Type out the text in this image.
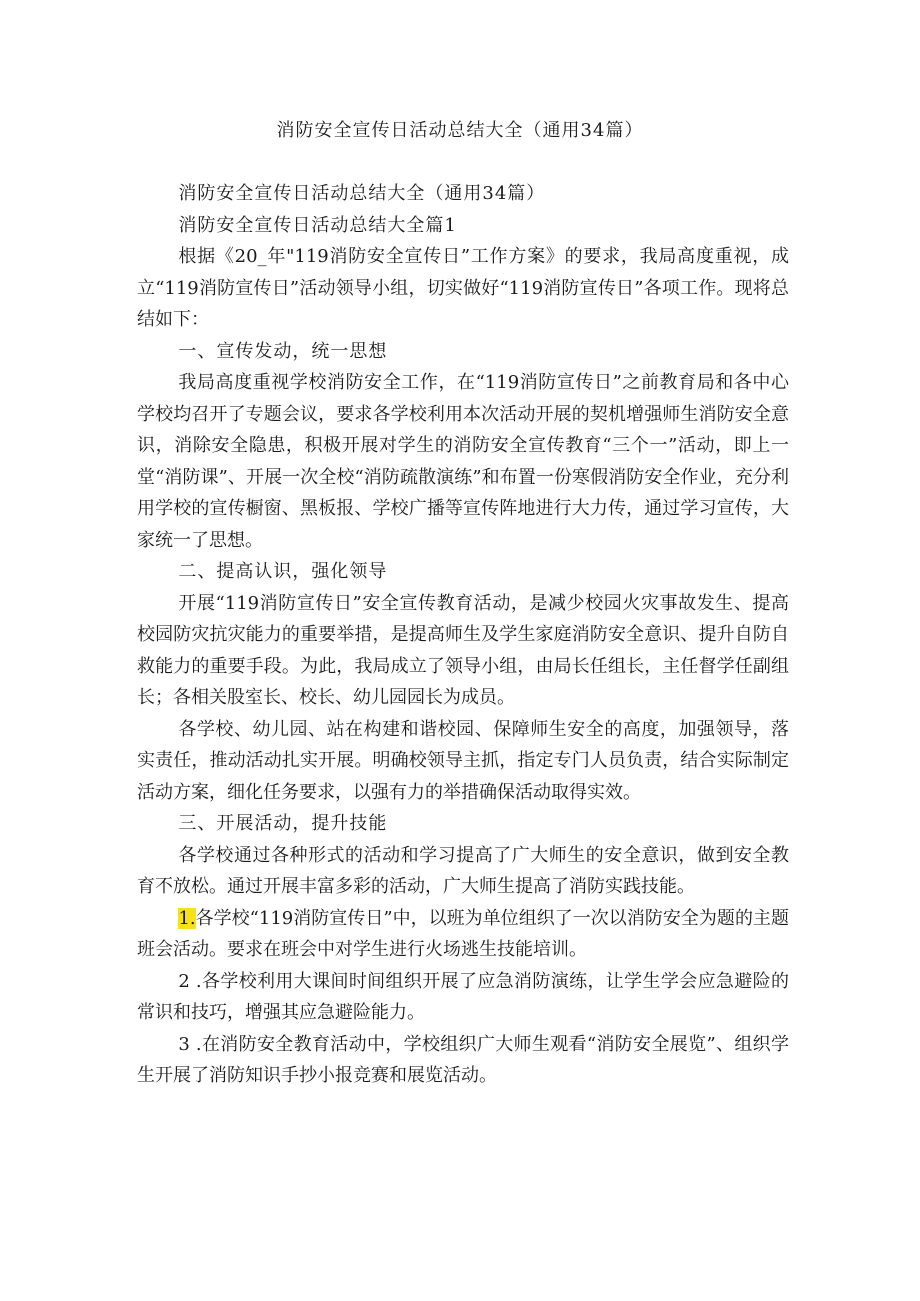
消防安全宣传日活动总结大全（通用34篇）

消防安全宣传日活动总结大全（通用34篇）

消防安全宣传日活动总结大全篇1

根据《20_年"119消防安全宣传日”工作方案》的要求，我局高度重视，成立“119消防宣传日”活动领导小组，切实做好“119消防宣传日”各项工作。现将总结如下：

一、宣传发动，统一思想

我局高度重视学校消防安全工作，在“119消防宣传日”之前教育局和各中心学校均召开了专题会议，要求各学校利用本次活动开展的契机增强师生消防安全意识，消除安全隐患，积极开展对学生的消防安全宣传教育“三个一”活动，即上一堂“消防课”、开展一次全校“消防疏散演练”和布置一份寒假消防安全作业，充分利用学校的宣传橱窗、黑板报、学校广播等宣传阵地进行大力传，通过学习宣传，大家统一了思想。

二、提高认识，强化领导

开展“119消防宣传日”安全宣传教育活动，是减少校园火灾事故发生、提高校园防灾抗灾能力的重要举措，是提高师生及学生家庭消防安全意识、提升自防自救能力的重要手段。为此，我局成立了领导小组，由局长任组长，主任督学任副组长；各相关股室长、校长、幼儿园园长为成员。

各学校、幼儿园、站在构建和谐校园、保障师生安全的高度，加强领导，落实责任，推动活动扎实开展。明确校领导主抓，指定专门人员负责，结合实际制定活动方案，细化任务要求，以强有力的举措确保活动取得实效。

三、开展活动，提升技能

各学校通过各种形式的活动和学习提高了广大师生的安全意识，做到安全教育不放松。通过开展丰富多彩的活动，广大师生提高了消防实践技能。

1.各学校“119消防宣传日”中，以班为单位组织了一次以消防安全为题的主题班会活动。要求在班会中对学生进行火场逃生技能培训。

2 .各学校利用大课间时间组织开展了应急消防演练，让学生学会应急避险的常识和技巧，增强其应急避险能力。

3 .在消防安全教育活动中，学校组织广大师生观看“消防安全展览”、组织学生开展了消防知识手抄小报竞赛和展览活动。
